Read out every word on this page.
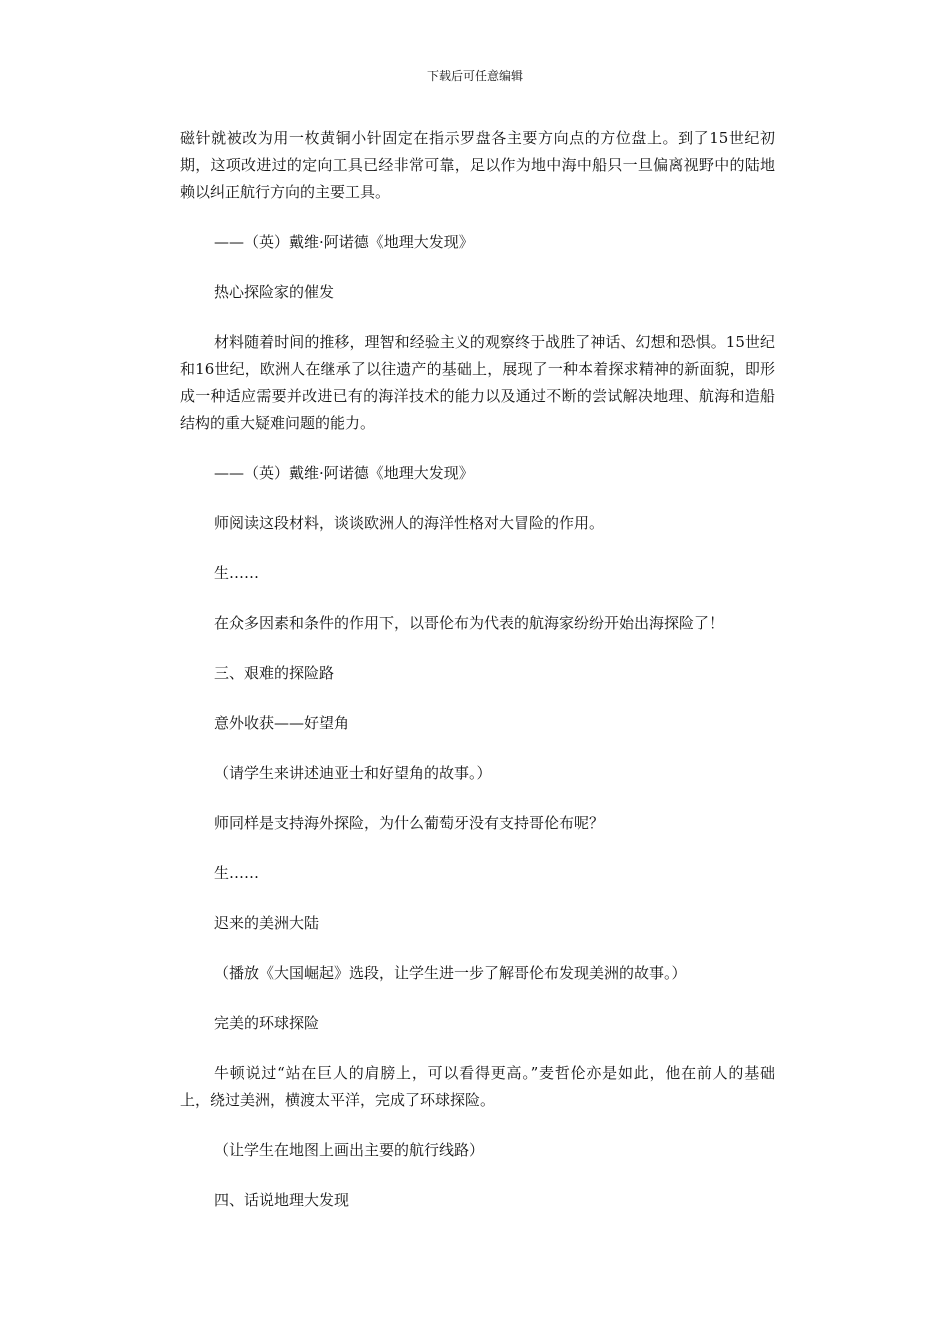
下载后可任意编辑

磁针就被改为用一枚黄铜小针固定在指示罗盘各主要方向点的方位盘上。到了15世纪初期，这项改进过的定向工具已经非常可靠，足以作为地中海中船只一旦偏离视野中的陆地赖以纠正航行方向的主要工具。

——（英）戴维·阿诺德《地理大发现》

热心探险家的催发

材料随着时间的推移，理智和经验主义的观察终于战胜了神话、幻想和恐惧。15世纪和16世纪，欧洲人在继承了以往遗产的基础上，展现了一种本着探求精神的新面貌，即形成一种适应需要并改进已有的海洋技术的能力以及通过不断的尝试解决地理、航海和造船结构的重大疑难问题的能力。

——（英）戴维·阿诺德《地理大发现》

师阅读这段材料，谈谈欧洲人的海洋性格对大冒险的作用。

生……

在众多因素和条件的作用下，以哥伦布为代表的航海家纷纷开始出海探险了！

三、艰难的探险路

意外收获——好望角

（请学生来讲述迪亚士和好望角的故事。）

师同样是支持海外探险，为什么葡萄牙没有支持哥伦布呢？

生……

迟来的美洲大陆

（播放《大国崛起》选段，让学生进一步了解哥伦布发现美洲的故事。）

完美的环球探险

牛顿说过“站在巨人的肩膀上，可以看得更高。”麦哲伦亦是如此，他在前人的基础上，绕过美洲，横渡太平洋，完成了环球探险。

（让学生在地图上画出主要的航行线路）

四、话说地理大发现
